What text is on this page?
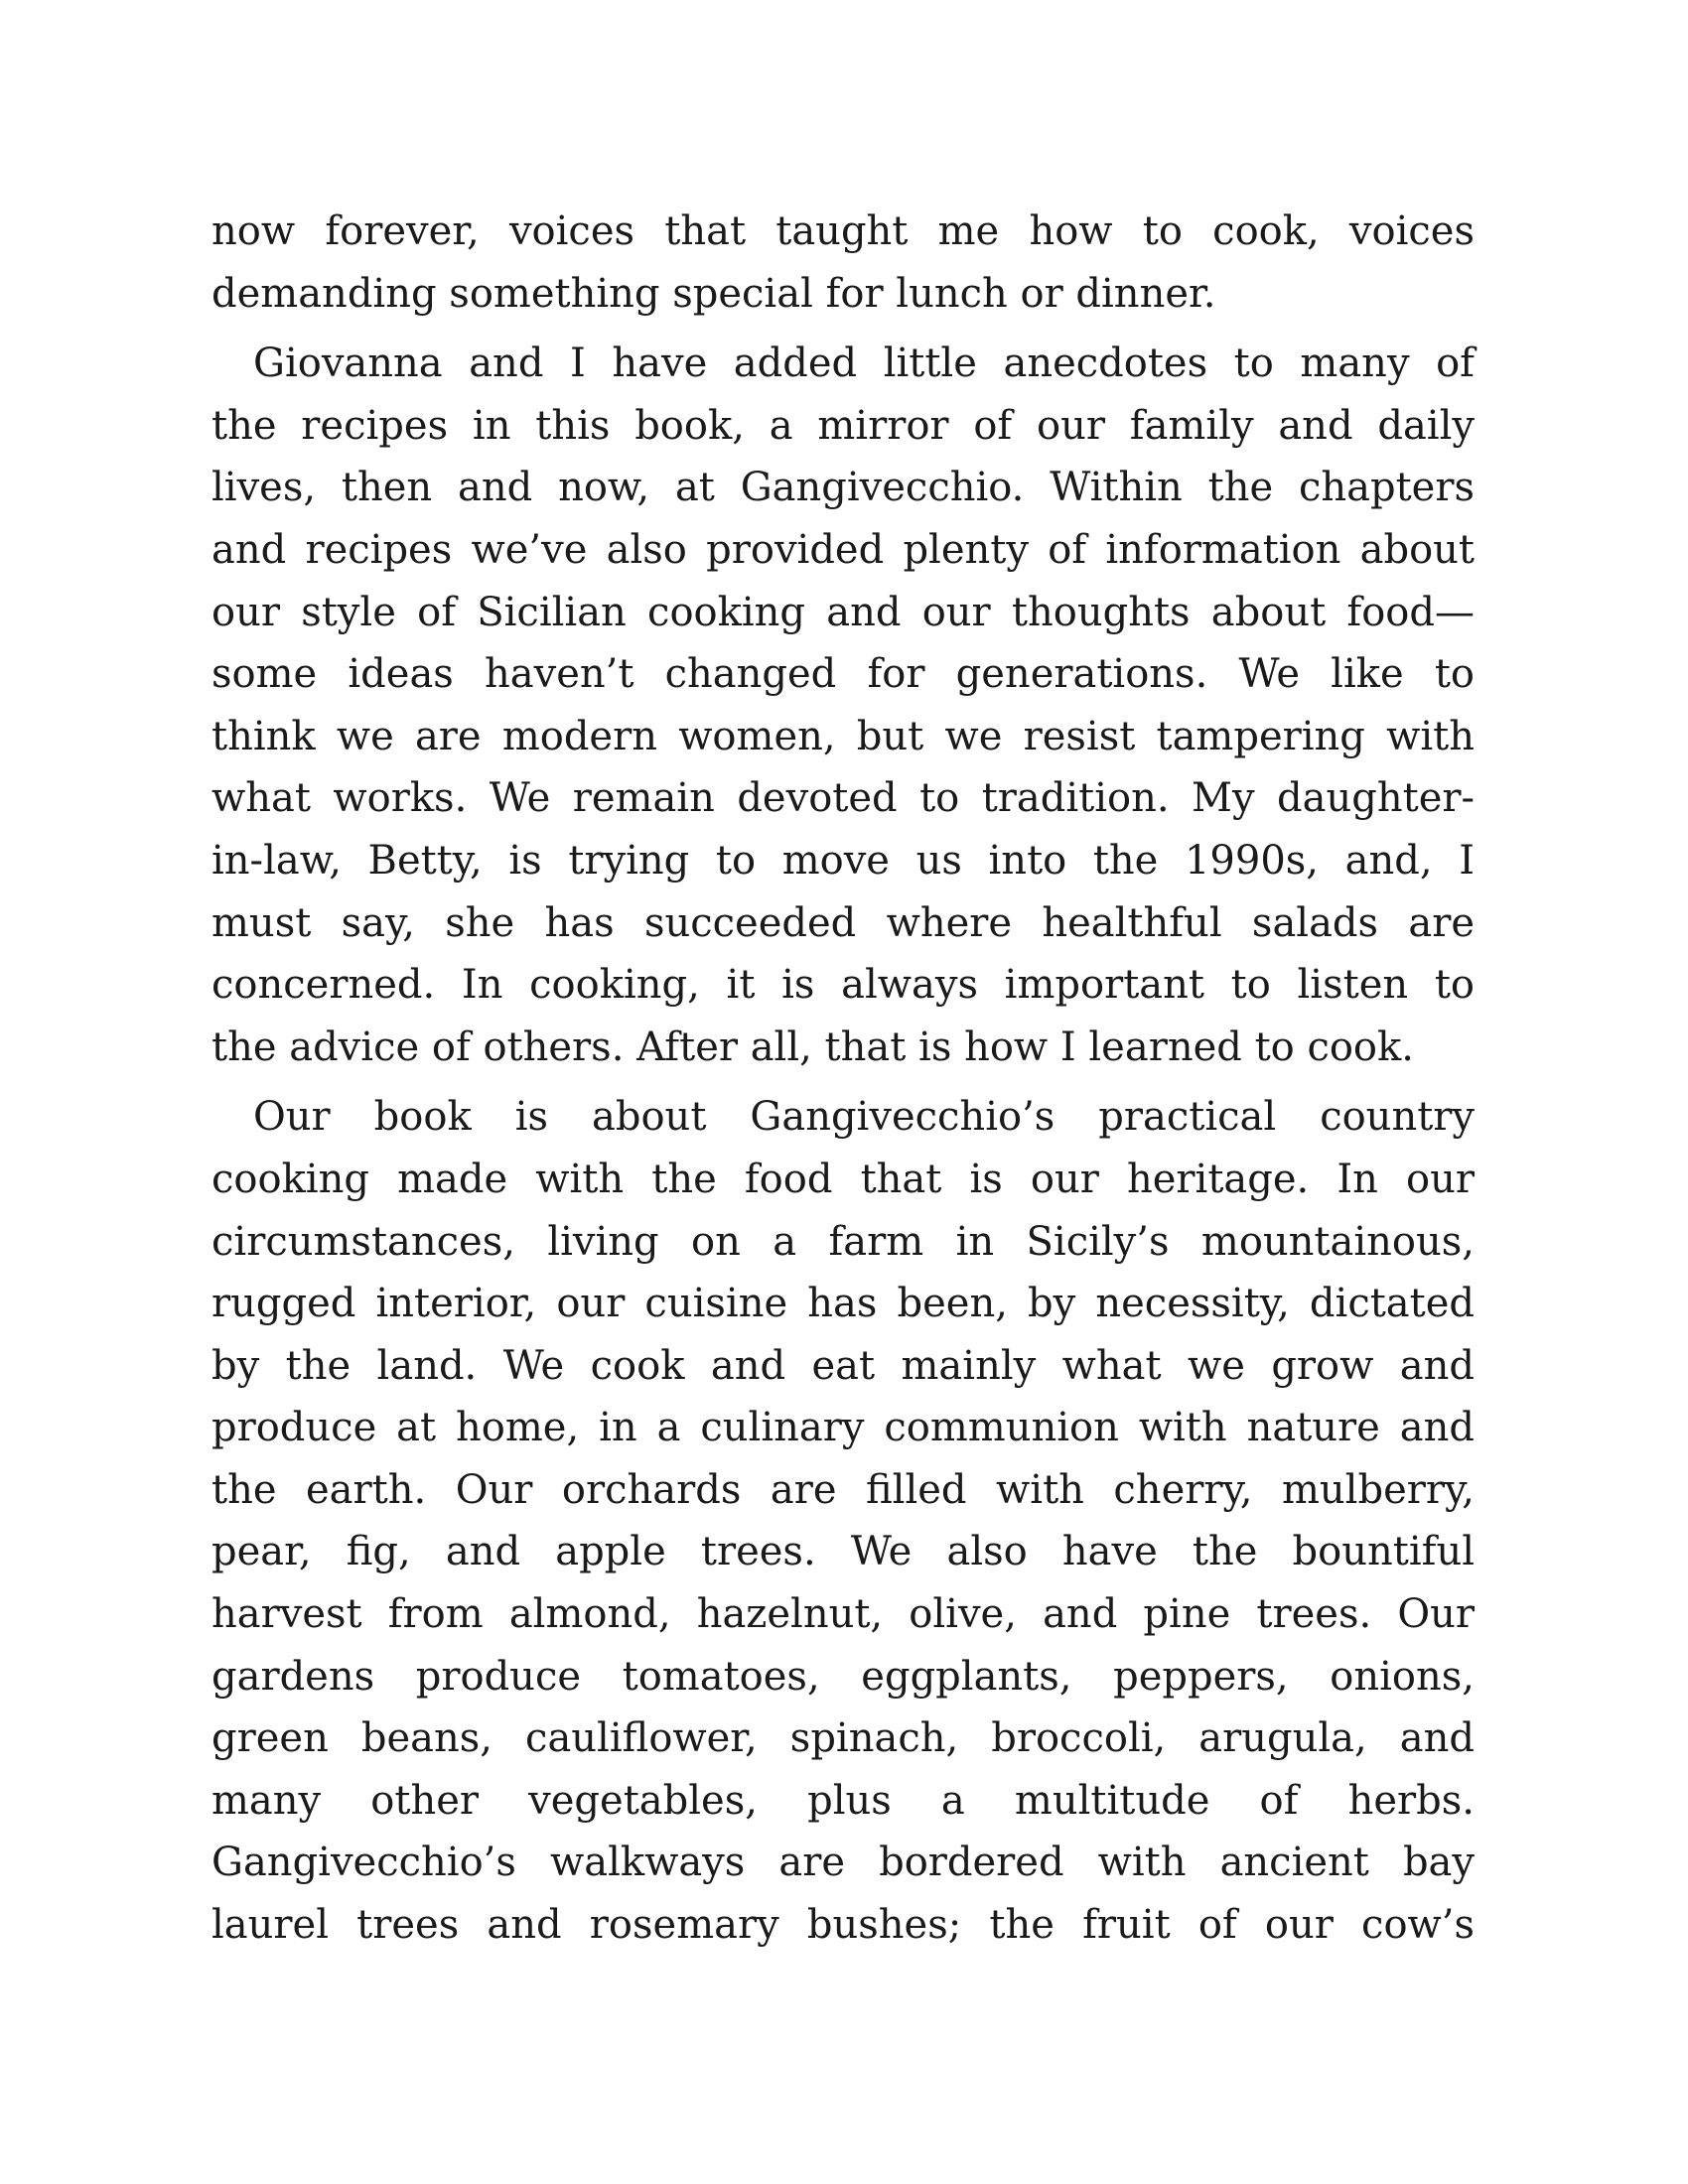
now forever, voices that taught me how to cook, voices
demanding something special for lunch or dinner.
Giovanna and I have added little anecdotes to many of
the recipes in this book, a mirror of our family and daily
lives, then and now, at Gangivecchio. Within the chapters
and recipes we’ve also provided plenty of information about
our style of Sicilian cooking and our thoughts about food—
some ideas haven’t changed for generations. We like to
think we are modern women, but we resist tampering with
what works. We remain devoted to tradition. My daughter-
in-law, Betty, is trying to move us into the 1990s, and, I
must say, she has succeeded where healthful salads are
concerned. In cooking, it is always important to listen to
the advice of others. After all, that is how I learned to cook.
Our book is about Gangivecchio’s practical country
cooking made with the food that is our heritage. In our
circumstances, living on a farm in Sicily’s mountainous,
rugged interior, our cuisine has been, by necessity, dictated
by the land. We cook and eat mainly what we grow and
produce at home, in a culinary communion with nature and
the earth. Our orchards are filled with cherry, mulberry,
pear, fig, and apple trees. We also have the bountiful
harvest from almond, hazelnut, olive, and pine trees. Our
gardens produce tomatoes, eggplants, peppers, onions,
green beans, cauliflower, spinach, broccoli, arugula, and
many other vegetables, plus a multitude of herbs.
Gangivecchio’s walkways are bordered with ancient bay
laurel trees and rosemary bushes; the fruit of our cow’s
